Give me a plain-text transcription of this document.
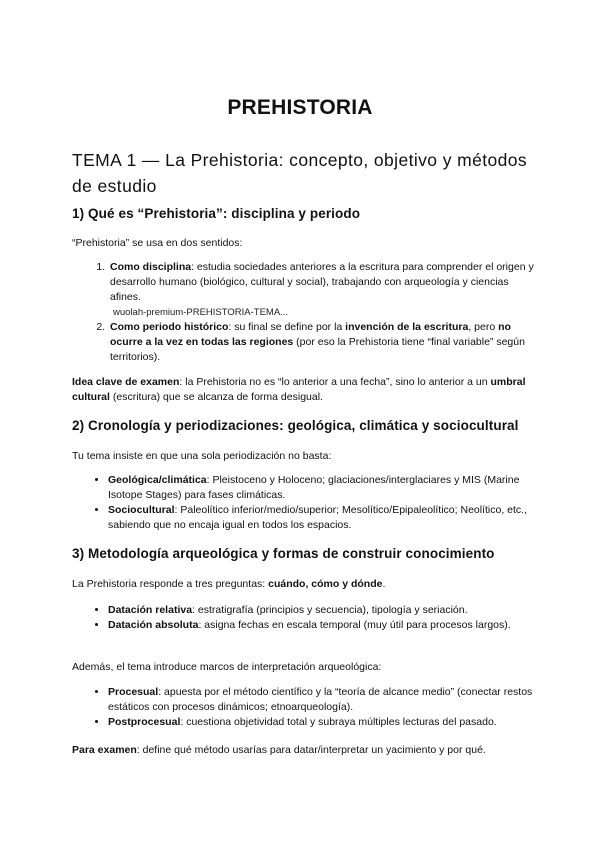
PREHISTORIA
TEMA 1 — La Prehistoria: concepto, objetivo y métodos de estudio
1) Qué es “Prehistoria”: disciplina y periodo

“Prehistoria” se usa en dos sentidos:

1. Como disciplina: estudia sociedades anteriores a la escritura para comprender el origen y desarrollo humano (biológico, cultural y social), trabajando con arqueología y ciencias afines.
wuolah-premium-PREHISTORIA-TEMA...
2. Como periodo histórico: su final se define por la invención de la escritura, pero no ocurre a la vez en todas las regiones (por eso la Prehistoria tiene “final variable” según territorios).

Idea clave de examen: la Prehistoria no es “lo anterior a una fecha”, sino lo anterior a un umbral cultural (escritura) que se alcanza de forma desigual.

2) Cronología y periodizaciones: geológica, climática y sociocultural

Tu tema insiste en que una sola periodización no basta:

• Geológica/climática: Pleistoceno y Holoceno; glaciaciones/interglaciares y MIS (Marine Isotope Stages) para fases climáticas.
• Sociocultural: Paleolítico inferior/medio/superior; Mesolítico/Epipaleolítico; Neolítico, etc., sabiendo que no encaja igual en todos los espacios.
3) Metodología arqueológica y formas de construir conocimiento

La Prehistoria responde a tres preguntas: cuándo, cómo y dónde.

• Datación relativa: estratigrafía (principios y secuencia), tipología y seriación.
• Datación absoluta: asigna fechas en escala temporal (muy útil para procesos largos).

Además, el tema introduce marcos de interpretación arqueológica:

• Procesual: apuesta por el método científico y la “teoría de alcance medio” (conectar restos estáticos con procesos dinámicos; etnoarqueología).
• Postprocesual: cuestiona objetividad total y subraya múltiples lecturas del pasado.

Para examen: define qué método usarías para datar/interpretar un yacimiento y por qué.
